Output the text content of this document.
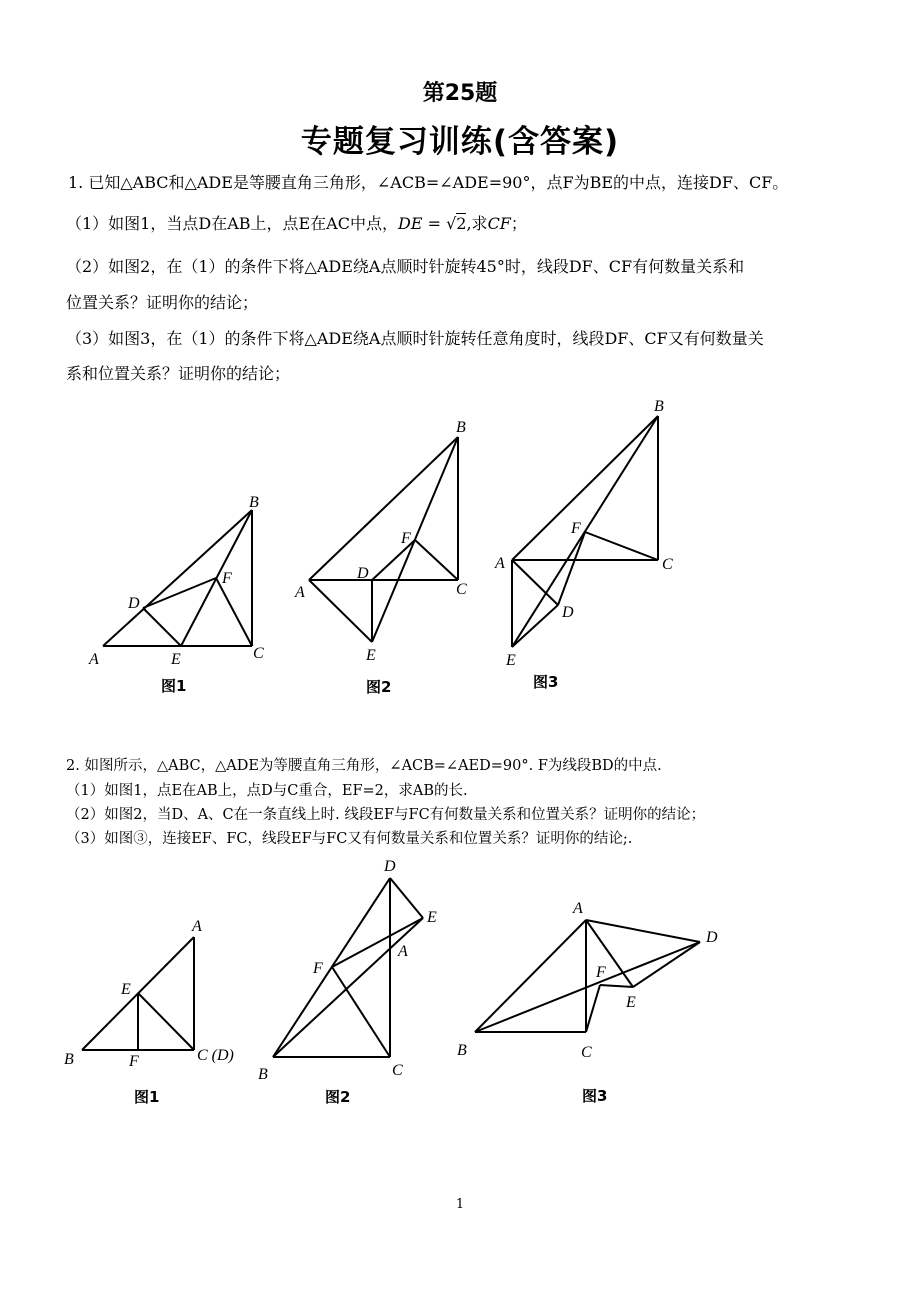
第25题
专题复习训练(含答案)
1. 已知△ABC和△ADE是等腰直角三角形，∠ACB=∠ADE=90°，点F为BE的中点，连接DF、CF。
（1）如图1，当点D在AB上，点E在AC中点，DE = √2,求CF；
（2）如图2，在（1）的条件下将△ADE绕A点顺时针旋转45°时，线段DF、CF有何数量关系和
位置关系？证明你的结论；
（3）如图3，在（1）的条件下将△ADE绕A点顺时针旋转任意角度时，线段DF、CF又有何数量关
系和位置关系？证明你的结论；
2. 如图所示，△ABC，△ADE为等腰直角三角形，∠ACB=∠AED=90°. F为线段BD的中点.
（1）如图1，点E在AB上，点D与C重合，EF=2，求AB的长.
（2）如图2，当D、A、C在一条直线上时. 线段EF与FC有何数量关系和位置关系？证明你的结论；
（3）如图③，连接EF、FC，线段EF与FC又有何数量关系和位置关系？证明你的结论;.
1
A
B
C
D
E
F
图1
A
B
C
D
E
F
图2
A
B
C
D
E
F
图3
A
B	C (D)
E
F
图1
A
B	C
D
E
F
图2
A
B	C
D
E
F
图3
